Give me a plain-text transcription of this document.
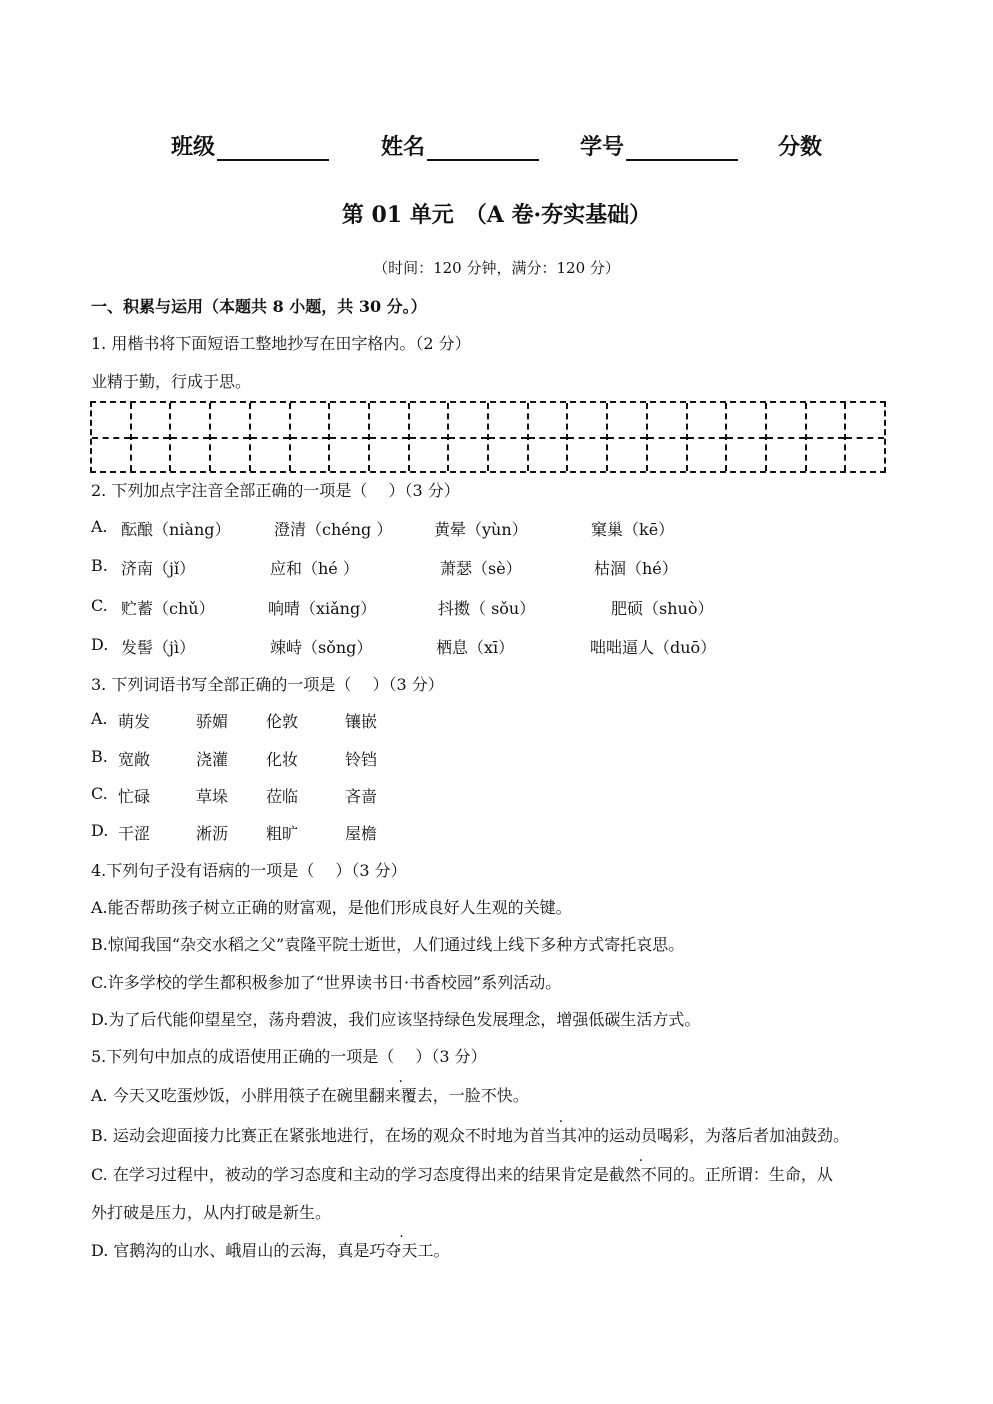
班级	姓名	学号	分数
第 01 单元　（A 卷·夯实基础）
（时间：120 分钟，满分：120 分）
一、积累与运用（本题共 8 小题，共 30 分。）
1. 用楷书将下面短语工整地抄写在田字格内。（2 分）
业精于勤，行成于思。
2. 下列加点字注音全部正确的一项是（　 ）（3 分）
A. 酝酿（niàng）	澄清（chéng ）	黄晕（yùn）	窠巢（kē）
B. 济南（jǐ）	应和（hé ）	萧瑟（sè）	枯涸（hé）
C. 贮蓄（chǔ）	响晴（xiǎng）	抖擞（ sǒu）	肥硕（shuò）
D. 发髻（jì）	竦峙（sǒng）	栖息（xī）	咄咄逼人（duō）
3. 下列词语书写全部正确的一项是（　 ）（3 分）
A. 萌发	骄媚 伦敦	镶嵌
B. 宽敞	浇灌 化妆	铃铛
C. 忙碌	草垛 莅临	吝啬
D. 干涩	淅沥 粗旷	屋檐
4.下列句子没有语病的一项是（　 ）（3 分）
A.能否帮助孩子树立正确的财富观，是他们形成良好人生观的关键。
B.惊闻我国“杂交水稻之父”袁隆平院士逝世，人们通过线上线下多种方式寄托哀思。
C.许多学校的学生都积极参加了“世界读书日·书香校园”系列活动。
D.为了后代能仰望星空，荡舟碧波，我们应该坚持绿色发展理念，增强低碳生活方式。
5.下列句中加点的成语使用正确的一项是（　 ）（3 分）
A. 今天又吃蛋炒饭，小胖用筷子在碗里翻来覆去，一脸不快。
B. 运动会迎面接力比赛正在紧张地进行，在场的观众不时地为首当其冲的运动员喝彩，为落后者加油鼓劲。
C. 在学习过程中，被动的学习态度和主动的学习态度得出来的结果肯定是截然不同的。正所谓：生命，从
外打破是压力，从内打破是新生。
D. 官鹅沟的山水、峨眉山的云海，真是巧夺天工。
